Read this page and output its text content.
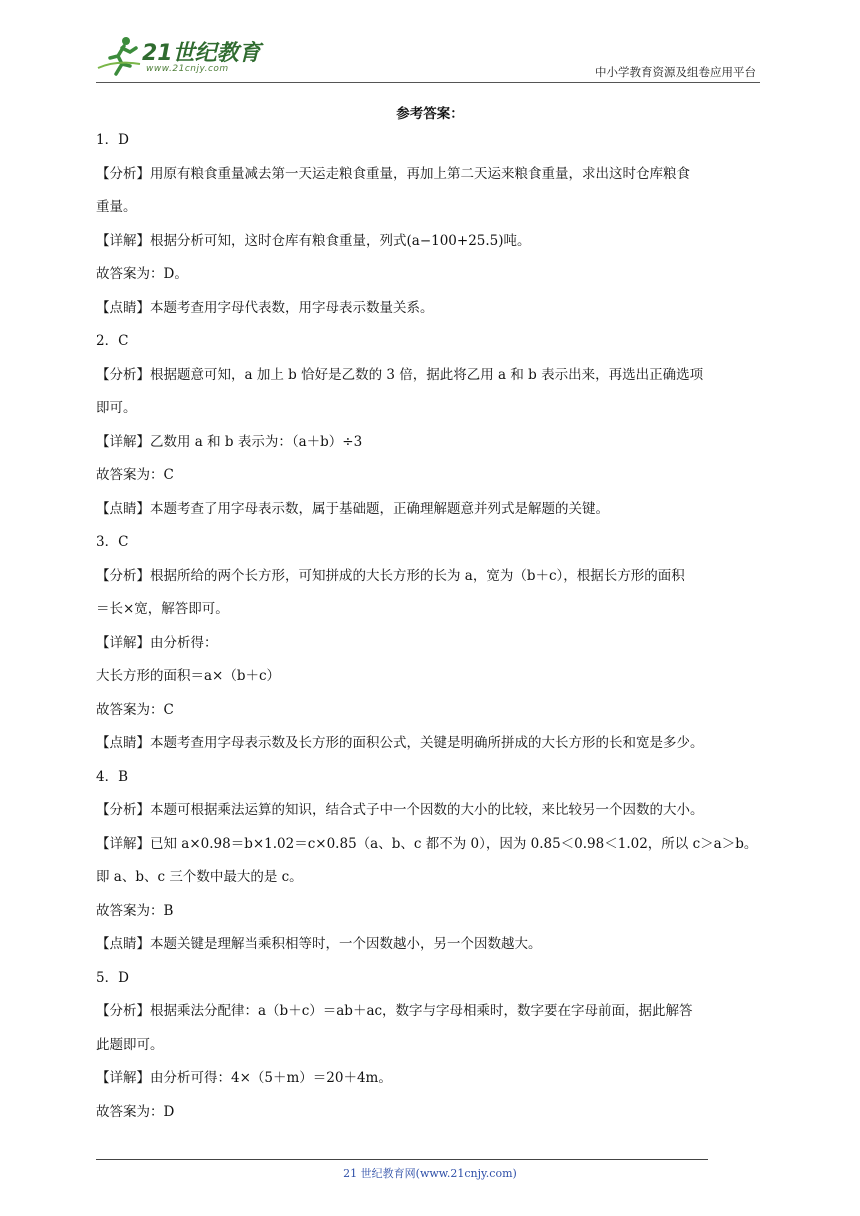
21世纪教育
www.21cnjy.com	中小学教育资源及组卷应用平台
参考答案：
1．D
【分析】用原有粮食重量减去第一天运走粮食重量，再加上第二天运来粮食重量，求出这时仓库粮食
重量。
【详解】根据分析可知，这时仓库有粮食重量，列式(a−100+25.5)吨。
故答案为：D。
【点睛】本题考查用字母代表数，用字母表示数量关系。
2．C
【分析】根据题意可知，a 加上 b 恰好是乙数的 3 倍，据此将乙用 a 和 b 表示出来，再选出正确选项
即可。
【详解】乙数用 a 和 b 表示为：（a＋b）÷3
故答案为：C
【点睛】本题考查了用字母表示数，属于基础题，正确理解题意并列式是解题的关键。
3．C
【分析】根据所给的两个长方形，可知拼成的大长方形的长为 a，宽为（b＋c），根据长方形的面积
＝长×宽，解答即可。
【详解】由分析得：
大长方形的面积＝a×（b＋c）
故答案为：C
【点睛】本题考查用字母表示数及长方形的面积公式，关键是明确所拼成的大长方形的长和宽是多少。
4．B
【分析】本题可根据乘法运算的知识，结合式子中一个因数的大小的比较，来比较另一个因数的大小。
【详解】已知 a×0.98＝b×1.02＝c×0.85（a、b、c 都不为 0），因为 0.85＜0.98＜1.02，所以 c＞a＞b。
即 a、b、c 三个数中最大的是 c。
故答案为：B
【点睛】本题关键是理解当乘积相等时，一个因数越小，另一个因数越大。
5．D
【分析】根据乘法分配律：a（b＋c）＝ab＋ac，数字与字母相乘时，数字要在字母前面，据此解答
此题即可。
【详解】由分析可得：4×（5＋m）＝20＋4m。
故答案为：D
21 世纪教育网(www.21cnjy.com)
